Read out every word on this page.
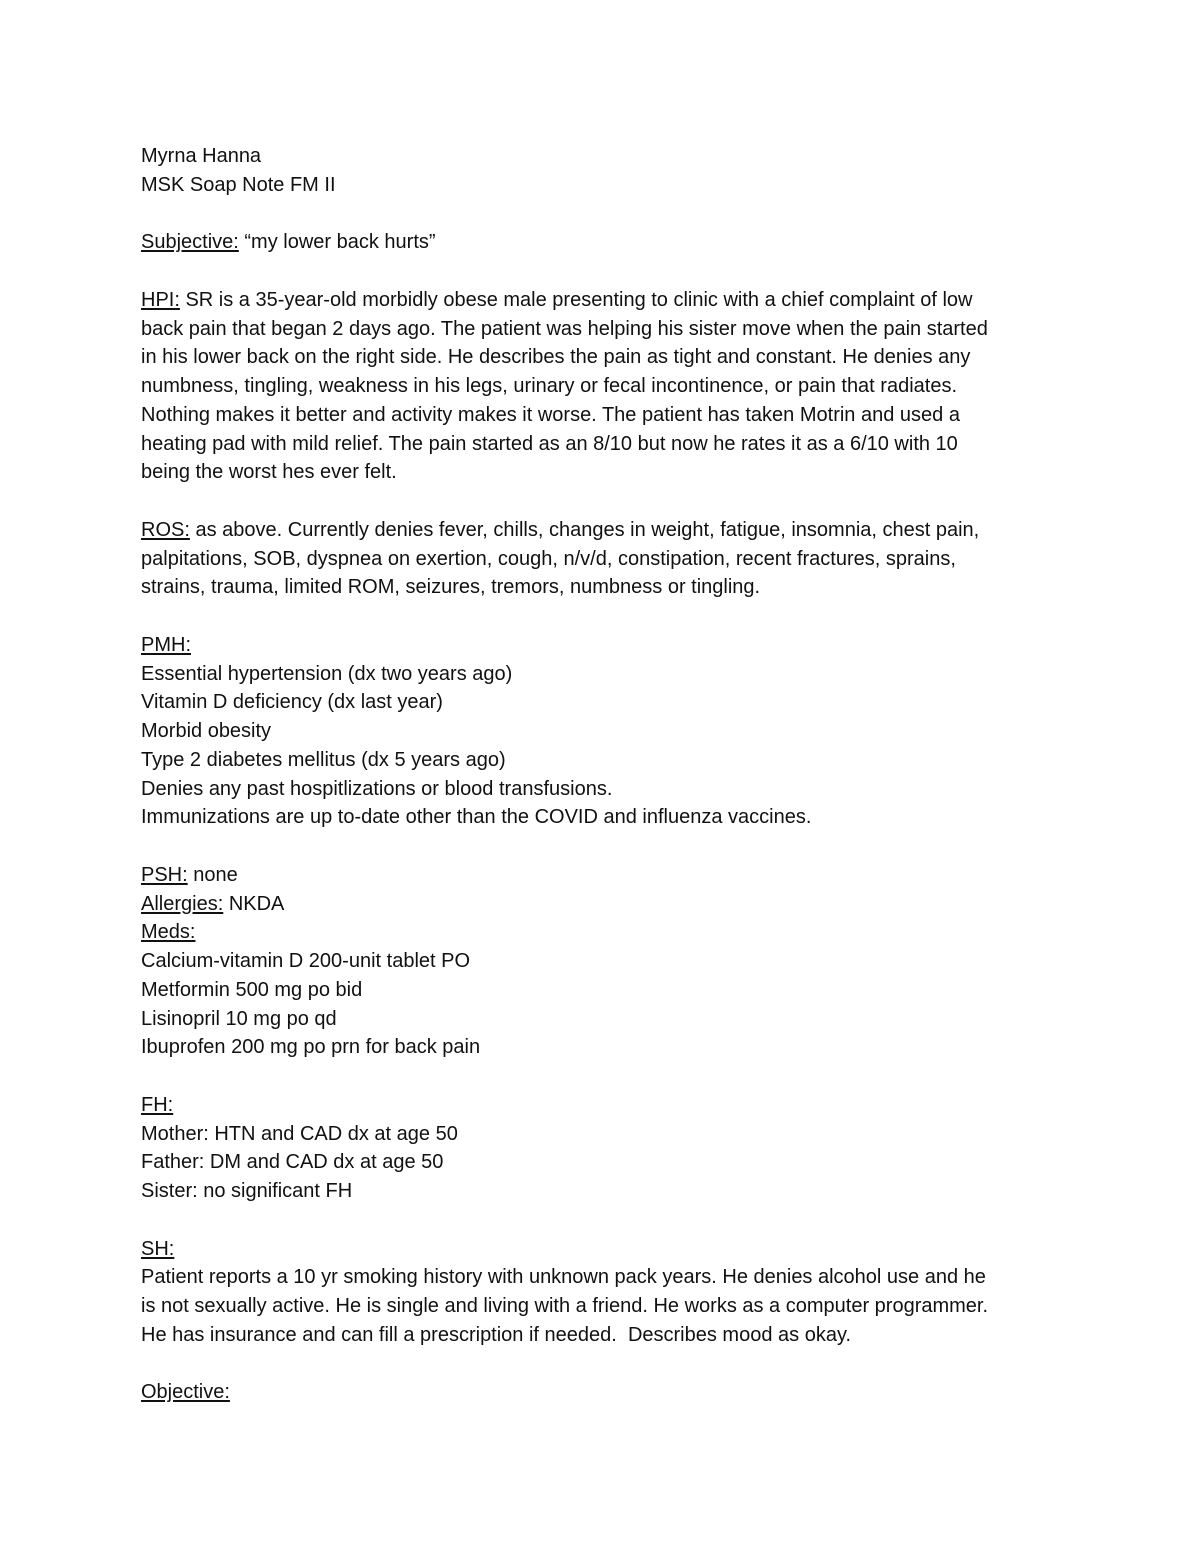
Myrna Hanna
MSK Soap Note FM II
Subjective: “my lower back hurts”
HPI: SR is a 35-year-old morbidly obese male presenting to clinic with a chief complaint of low
back pain that began 2 days ago. The patient was helping his sister move when the pain started
in his lower back on the right side. He describes the pain as tight and constant. He denies any
numbness, tingling, weakness in his legs, urinary or fecal incontinence, or pain that radiates.
Nothing makes it better and activity makes it worse. The patient has taken Motrin and used a
heating pad with mild relief. The pain started as an 8/10 but now he rates it as a 6/10 with 10
being the worst hes ever felt.
ROS: as above. Currently denies fever, chills, changes in weight, fatigue, insomnia, chest pain,
palpitations, SOB, dyspnea on exertion, cough, n/v/d, constipation, recent fractures, sprains,
strains, trauma, limited ROM, seizures, tremors, numbness or tingling.
PMH:
Essential hypertension (dx two years ago)
Vitamin D deficiency (dx last year)
Morbid obesity
Type 2 diabetes mellitus (dx 5 years ago)
Denies any past hospitlizations or blood transfusions.
Immunizations are up to-date other than the COVID and influenza vaccines.
PSH: none
Allergies: NKDA
Meds:
Calcium-vitamin D 200-unit tablet PO
Metformin 500 mg po bid
Lisinopril 10 mg po qd
Ibuprofen 200 mg po prn for back pain
FH:
Mother: HTN and CAD dx at age 50
Father: DM and CAD dx at age 50
Sister: no significant FH
SH:
Patient reports a 10 yr smoking history with unknown pack years. He denies alcohol use and he
is not sexually active. He is single and living with a friend. He works as a computer programmer.
He has insurance and can fill a prescription if needed.  Describes mood as okay.
Objective:
